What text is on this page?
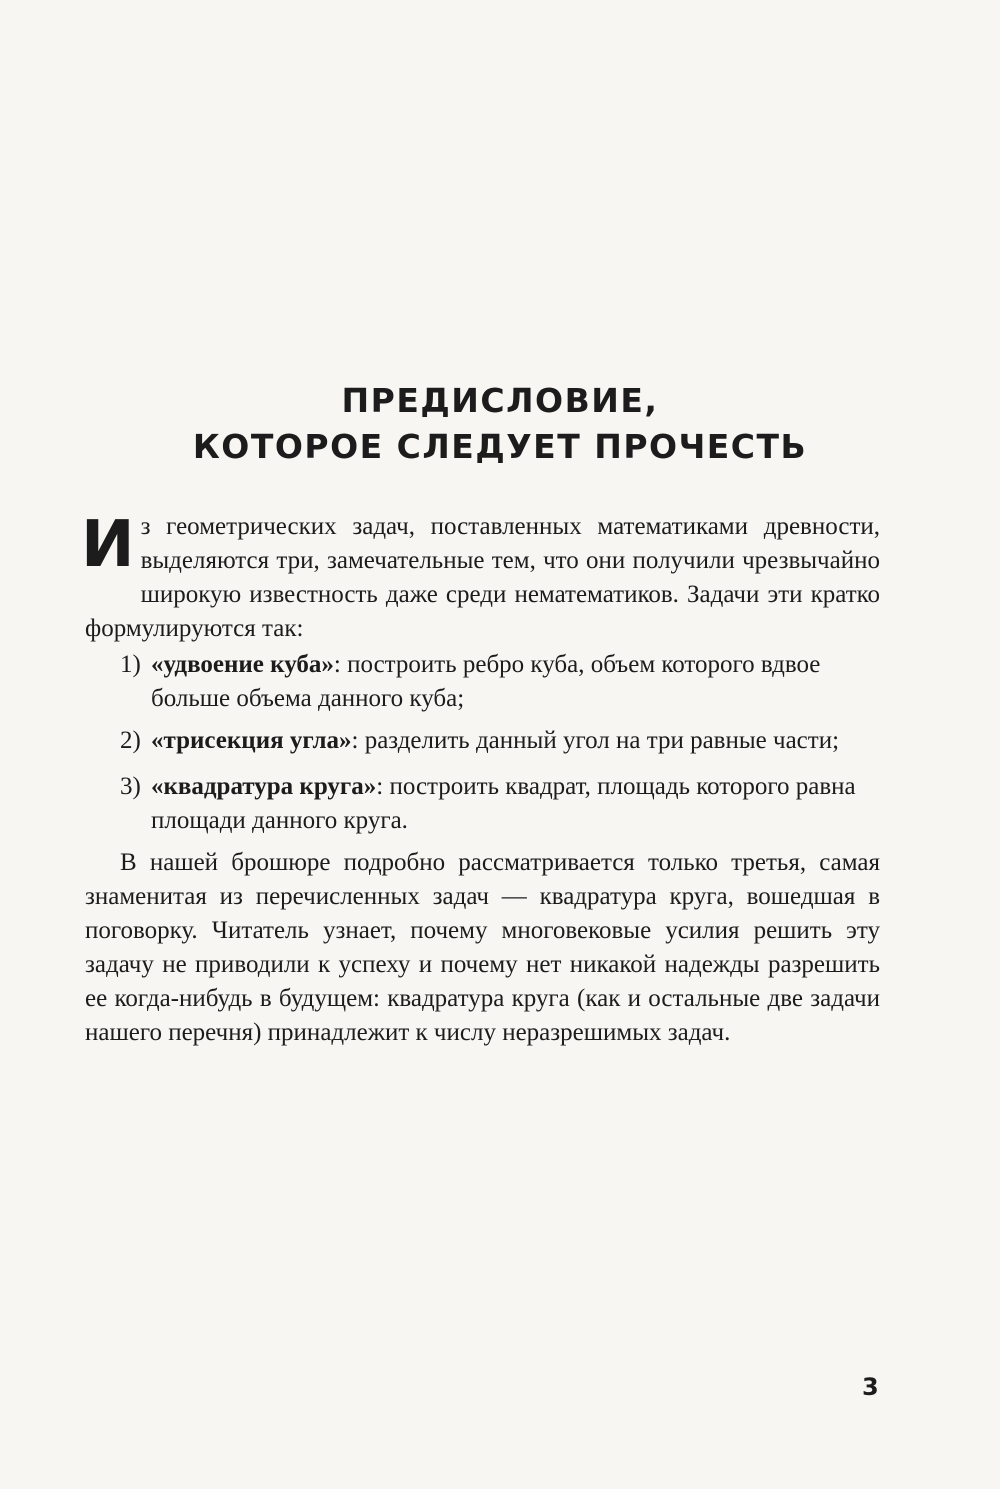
ПРЕДИСЛОВИЕ,
КОТОРОЕ СЛЕДУЕТ ПРОЧЕСТЬ

Из геометрических задач, поставленных математиками древности, выделяются три, замечательные тем, что они получили чрезвычайно широкую известность даже среди нематематиков. Задачи эти кратко формулируются так:

1) «удвоение куба»: построить ребро куба, объем которого вдвое больше объема данного куба;
2) «трисекция угла»: разделить данный угол на три равные части;
3) «квадратура круга»: построить квадрат, площадь которого равна площади данного круга.

В нашей брошюре подробно рассматривается только третья, самая знаменитая из перечисленных задач — квадратура круга, вошедшая в поговорку. Читатель узнает, почему многовековые усилия решить эту задачу не приводили к успеху и почему нет никакой надежды разрешить ее когда-нибудь в будущем: квадратура круга (как и остальные две задачи нашего перечня) принадлежит к числу неразрешимых задач.

3
